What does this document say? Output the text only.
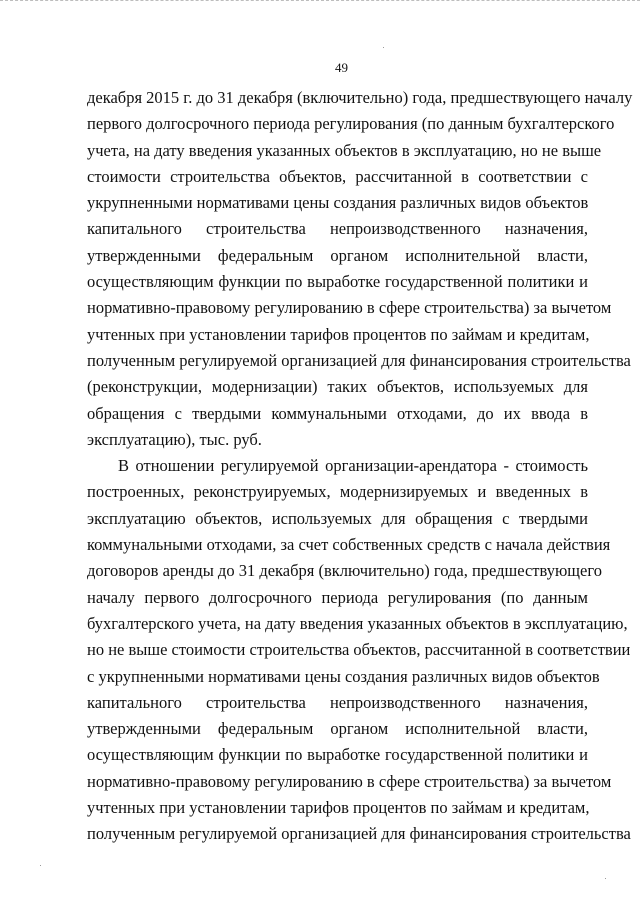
49
декабря 2015 г. до 31 декабря (включительно) года, предшествующего началу
первого долгосрочного периода регулирования (по данным бухгалтерского
учета, на дату введения указанных объектов в эксплуатацию, но не выше
стоимости строительства объектов, рассчитанной в соответствии с
укрупненными нормативами цены создания различных видов объектов
капитального строительства непроизводственного назначения,
утвержденными федеральным органом исполнительной власти,
осуществляющим функции по выработке государственной политики и
нормативно-правовому регулированию в сфере строительства) за вычетом
учтенных при установлении тарифов процентов по займам и кредитам,
полученным регулируемой организацией для финансирования строительства
(реконструкции, модернизации) таких объектов, используемых для
обращения с твердыми коммунальными отходами, до их ввода в
эксплуатацию), тыс. руб.
В отношении регулируемой организации-арендатора - стоимость
построенных, реконструируемых, модернизируемых и введенных в
эксплуатацию объектов, используемых для обращения с твердыми
коммунальными отходами, за счет собственных средств с начала действия
договоров аренды до 31 декабря (включительно) года, предшествующего
началу первого долгосрочного периода регулирования (по данным
бухгалтерского учета, на дату введения указанных объектов в эксплуатацию,
но не выше стоимости строительства объектов, рассчитанной в соответствии
с укрупненными нормативами цены создания различных видов объектов
капитального строительства непроизводственного назначения,
утвержденными федеральным органом исполнительной власти,
осуществляющим функции по выработке государственной политики и
нормативно-правовому регулированию в сфере строительства) за вычетом
учтенных при установлении тарифов процентов по займам и кредитам,
полученным регулируемой организацией для финансирования строительства
